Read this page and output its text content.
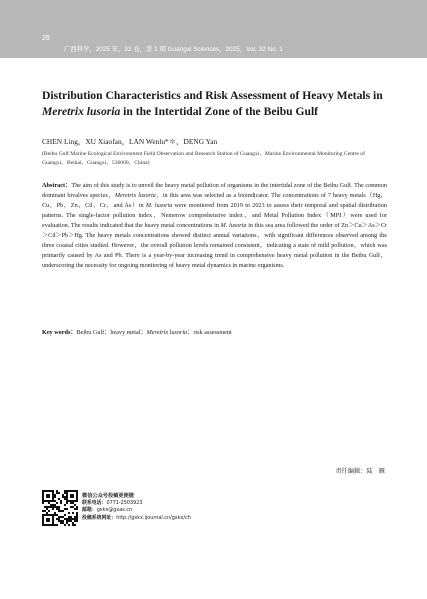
26
广西科学，2025 年，32 卷，第 1 期 Guangxi Sciences，2025，Vol. 32 No. 1
Distribution Characteristics and Risk Assessment of Heavy Metals in Meretrix lusoria in the Intertidal Zone of the Beibu Gulf
CHEN Ling，XU Xiaofan，LAN Wenlu*＊，DENG Yan
(Beibu Gulf Marine Ecological Environment Field Observation and Research Station of Guangxi，Marine Environmental Monitoring Centre of Guangxi，Beihai，Guangxi，536000，China)
Abstract：The aim of this study is to unveil the heavy metal pollution of organisms in the intertidal zone of the Beibu Gulf. The common dominant bivalves species，Meretrix lusoria，in this area was selected as a bioindicator. The concentrations of 7 heavy metals（Hg，Cu，Pb，Zn，Cd，Cr，and As）in M. lusoria were monitored from 2019 to 2023 to assess their temporal and spatial distribution patterns. The single-factor pollution index，Nemerow comprehensive index，and Metal Pollution Index（MPI）were used for evaluation. The results indicated that the heavy metal concentrations in M. lusoria in this sea area followed the order of Zn＞Cu＞As＞Cr＞Cd＞Pb＞Hg. The heavy metals concentrations showed distinct annual variations，with significant differences observed among the three coastal cities studied. However，the overall pollution levels remained consistent，indicating a state of mild pollution，which was primarily caused by As and Pb. There is a year-by-year increasing trend in comprehensive heavy metal pollution in the Beibu Gulf，underscoring the necessity for ongoing monitoring of heavy metal dynamics in marine organisms.
Key words：Beibu Gulf；heavy metal；Meretrix lusoria；risk assessment
责任编辑：陆　雁
微信公众号投稿更便捷
联系电话：0771-2503923
邮箱：gxkx@gxas.cn
投稿系统网址：http://gxkx.ijournal.cn/gxkx/ch
